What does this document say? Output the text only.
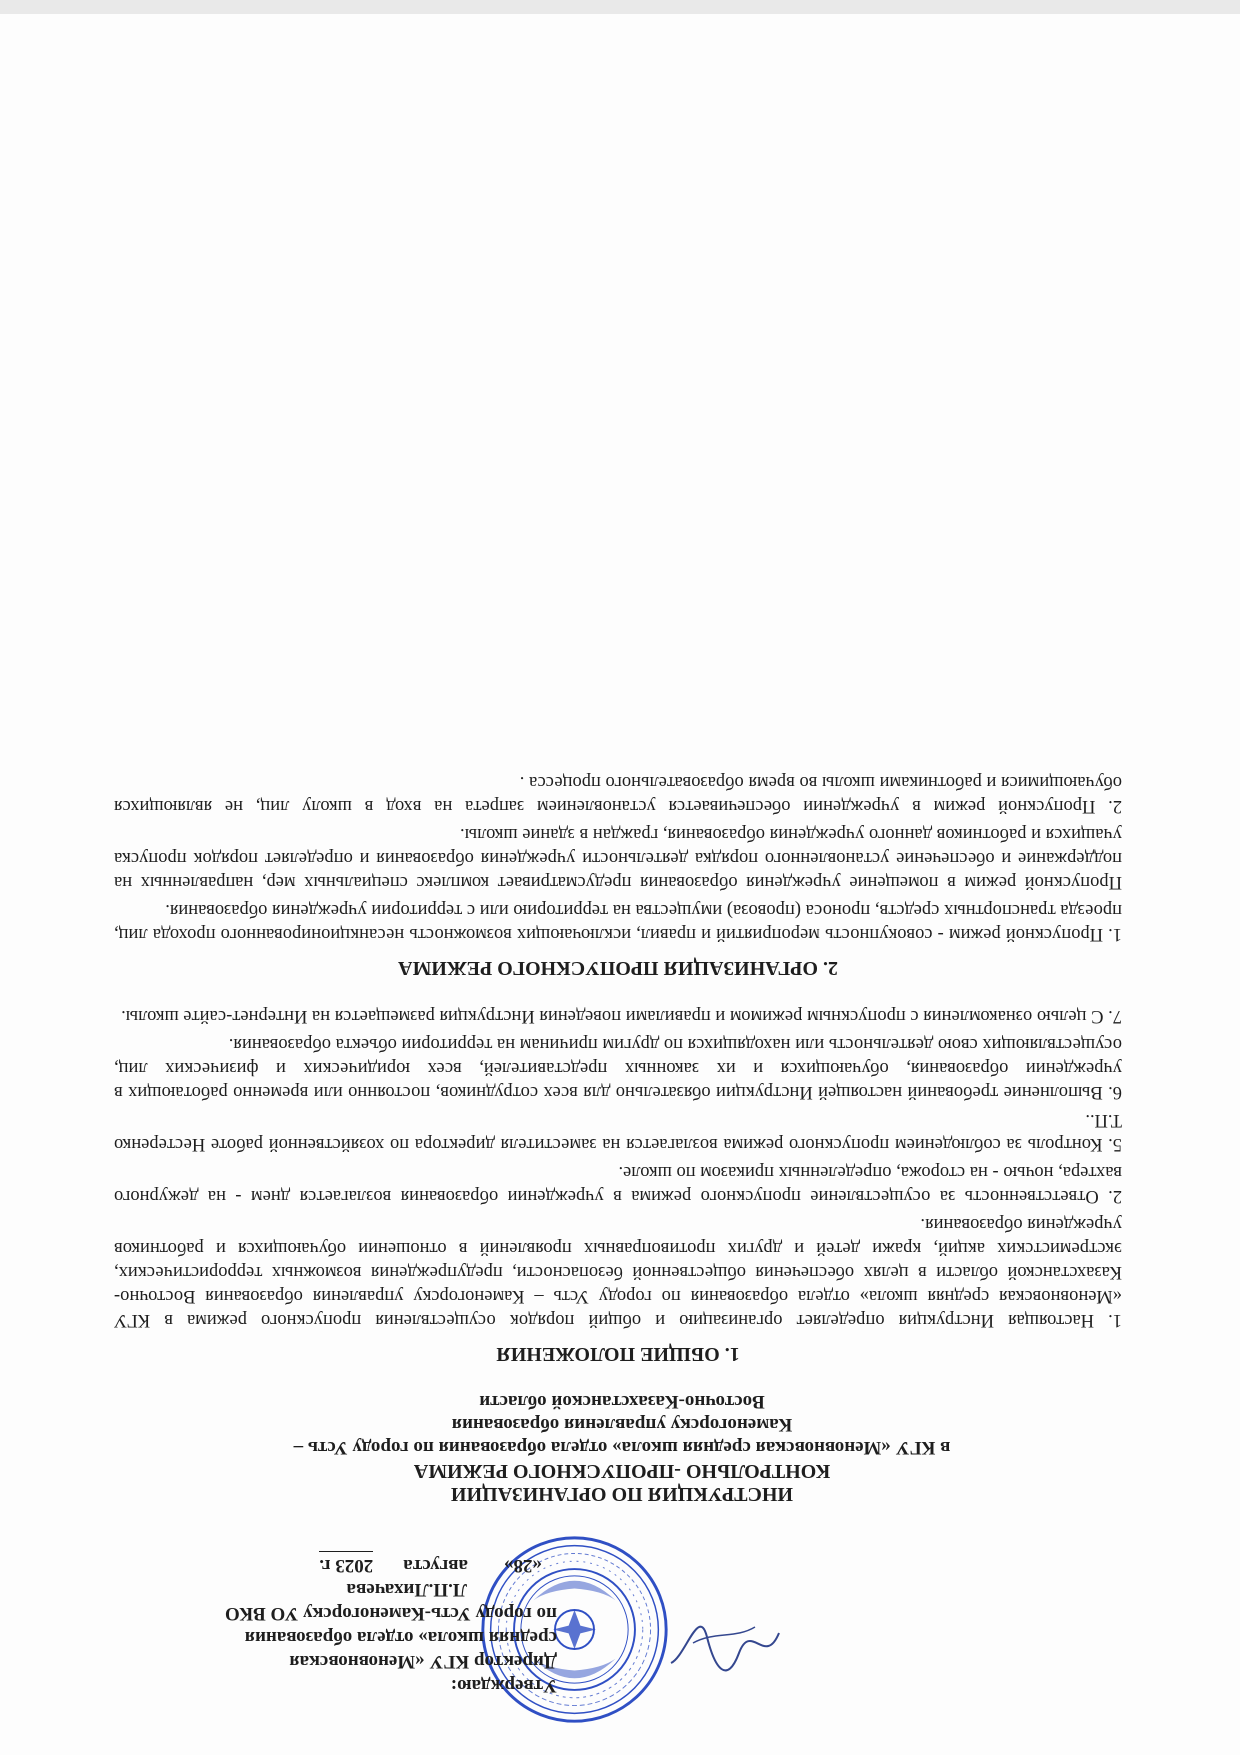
Утверждаю:
Директор КГУ «Меновновская
средняя школа» отдела образования
по городу Усть-Каменогорску УО ВКО
Л.П.Лихачева
«28»
августа
2023 г.
ИНСТРУКЦИЯ ПО ОРГАНИЗАЦИИ
КОНТРОЛЬНО -ПРОПУСКНОГО РЕЖИМА
в КГУ «Меновновская средняя школа» отдела образования по городу Усть –
Каменогорску управления образования
Восточно-Казахстанской области
1. ОБЩИЕ ПОЛОЖЕНИЯ

1. Настоящая Инструкция определяет организацию и общий порядок осуществления пропускного режима в КГУ «Меновновская средняя школа» отдела образования по городу Усть – Каменогорску управления образования Восточно-Казахстанской области в целях обеспечения общественной безопасности, предупреждения возможных террористических, экстремистских акций, кражи детей и других противоправных проявлений в отношении обучающихся и работников учреждения образования.

2. Ответственность за осуществление пропускного режима в учреждении образования возлагается днем - на дежурного вахтера, ночью - на сторожа, определенных приказом по школе.

5. Контроль за соблюдением пропускного режима возлагается на заместителя директора по хозяйственной работе Нестеренко Т.П..

6. Выполнение требований настоящей Инструкции обязательно для всех сотрудников, постоянно или временно работающих в учреждении образования, обучающихся и их законных представителей, всех юридических и физических лиц, осуществляющих свою деятельность или находящихся по другим причинам на территории объекта образования.

7. С целью ознакомления с пропускным режимом и правилами поведения Инструкция размещается на Интернет-сайте школы.

2. ОРГАНИЗАЦИЯ ПРОПУСКНОГО РЕЖИМА

1. Пропускной режим - совокупность мероприятий и правил, исключающих возможность несанкционированного прохода лиц, проезда транспортных средств, проноса (провоза) имущества на территорию или с территории учреждения образования.

Пропускной режим в помещение учреждения образования предусматривает комплекс специальных мер, направленных на поддержание и обеспечение установленного порядка деятельности учреждения образования и определяет порядок пропуска учащихся и работников данного учреждения образования, граждан в здание школы.

2. Пропускной режим в учреждении обеспечивается установлением запрета на вход в школу лиц, не являющихся обучающимися и работниками школы во время образовательного процесса .
